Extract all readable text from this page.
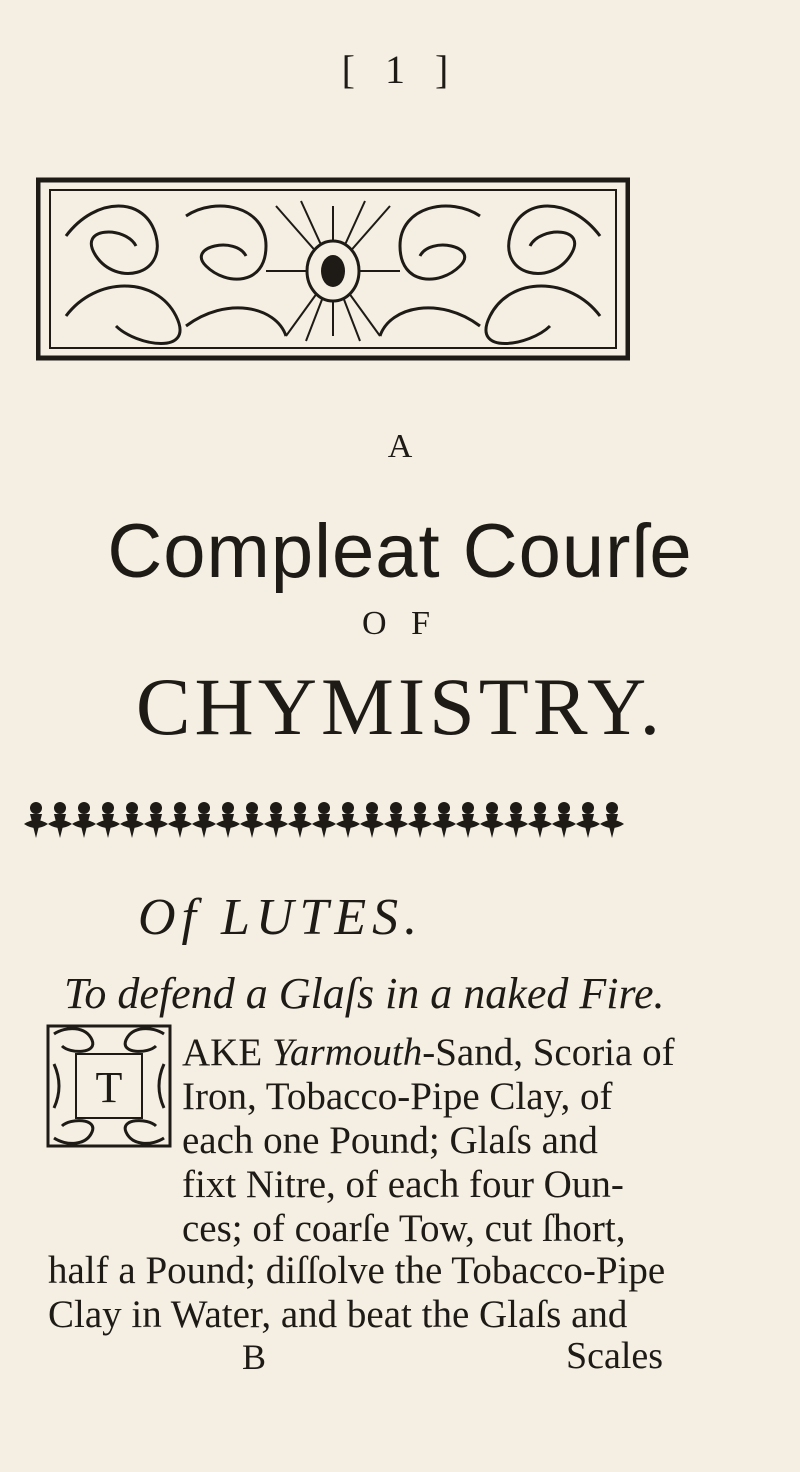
[ 1 ]
A
Compleat Courſe
O F
CHYMISTRY.
Of LUTES.
To defend a Glaſs in a naked Fire.
T
AKE Yarmouth-Sand, Scoria of
Iron, Tobacco-Pipe Clay, of
each one Pound; Glaſs and
fixt Nitre, of each four Oun-
ces; of coarſe Tow, cut ſhort,
half a Pound; diſſolve the Tobacco-Pipe
Clay in Water, and beat the Glaſs and
B	Scales
